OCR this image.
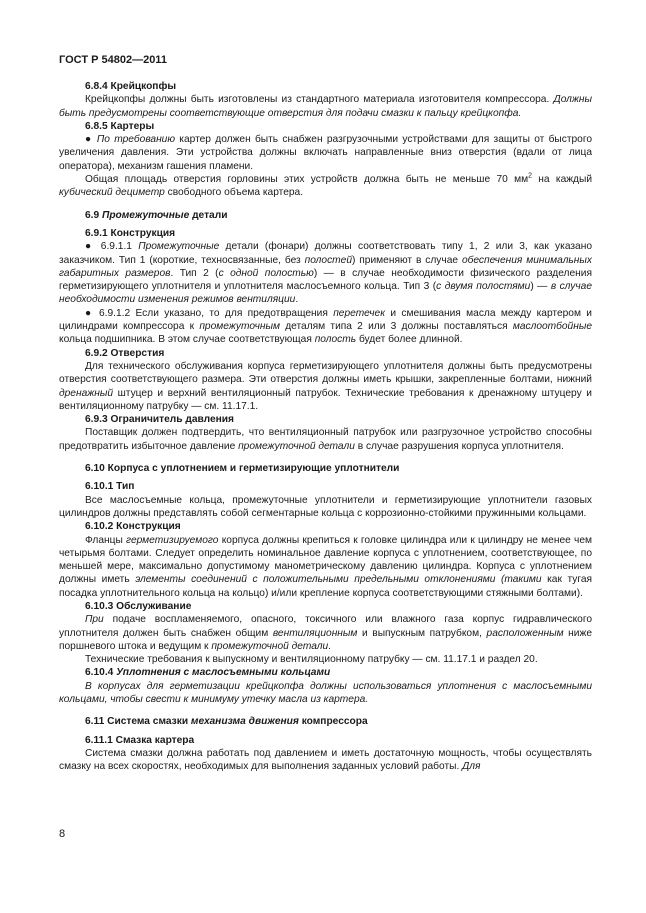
ГОСТ Р 54802—2011

6.8.4 Крейцкопфы

Крейцкопфы должны быть изготовлены из стандартного материала изготовителя компрессора. Должны быть предусмотрены соответствующие отверстия для подачи смазки к пальцу крейцкопфа.

6.8.5 Картеры

● По требованию картер должен быть снабжен разгрузочными устройствами для защиты от быстрого увеличения давления. Эти устройства должны включать направленные вниз отверстия (вдали от лица оператора), механизм гашения пламени.

Общая площадь отверстия горловины этих устройств должна быть не меньше 70 $мм^2$ на каждый кубический дециметр свободного объема картера.

6.9 Промежуточные детали

6.9.1 Конструкция

● 6.9.1.1 Промежуточные детали (фонари) должны соответствовать типу 1, 2 или 3, как указано заказчиком. Тип 1 (короткие, техносвязанные, без полостей) применяют в случае обеспечения минимальных габаритных размеров. Тип 2 (с одной полостью) — в случае необходимости физического разделения герметизирующего уплотнителя и уплотнителя маслосъемного кольца. Тип 3 (с двумя полостями) — в случае необходимости изменения режимов вентиляции.

● 6.9.1.2 Если указано, то для предотвращения перетечек и смешивания масла между картером и цилиндрами компрессора к промежуточным деталям типа 2 или 3 должны поставляться маслоотбойные кольца подшипника. В этом случае соответствующая полость будет более длинной.

6.9.2 Отверстия

Для технического обслуживания корпуса герметизирующего уплотнителя должны быть предусмотрены отверстия соответствующего размера. Эти отверстия должны иметь крышки, закрепленные болтами, нижний дренажный штуцер и верхний вентиляционный патрубок. Технические требования к дренажному штуцеру и вентиляционному патрубку — см. 11.17.1.

6.9.3 Ограничитель давления

Поставщик должен подтвердить, что вентиляционный патрубок или разгрузочное устройство способны предотвратить избыточное давление промежуточной детали в случае разрушения корпуса уплотнителя.

6.10 Корпуса с уплотнением и герметизирующие уплотнители

6.10.1 Тип

Все маслосъемные кольца, промежуточные уплотнители и герметизирующие уплотнители газовых цилиндров должны представлять собой сегментарные кольца с коррозионно-стойкими пружинными кольцами.

6.10.2 Конструкция

Фланцы герметизируемого корпуса должны крепиться к головке цилиндра или к цилиндру не менее чем четырьмя болтами. Следует определить номинальное давление корпуса с уплотнением, соответствующее, по меньшей мере, максимально допустимому манометрическому давлению цилиндра. Корпуса с уплотнением должны иметь элементы соединений с положительными предельными отклонениями (такими как тугая посадка уплотнительного кольца на кольцо) и/или крепление корпуса соответствующими стяжными болтами).

6.10.3 Обслуживание

При подаче воспламеняемого, опасного, токсичного или влажного газа корпус гидравлического уплотнителя должен быть снабжен общим вентиляционным и выпускным патрубком, расположенным ниже поршневого штока и ведущим к промежуточной детали.

Технические требования к выпускному и вентиляционному патрубку — см. 11.17.1 и раздел 20.

6.10.4 Уплотнения с маслосъемными кольцами

В корпусах для герметизации крейцкопфа должны использоваться уплотнения с маслосъемными кольцами, чтобы свести к минимуму утечку масла из картера.

6.11 Система смазки механизма движения компрессора

6.11.1 Смазка картера

Система смазки должна работать под давлением и иметь достаточную мощность, чтобы осуществлять смазку на всех скоростях, необходимых для выполнения заданных условий работы. Для

8
